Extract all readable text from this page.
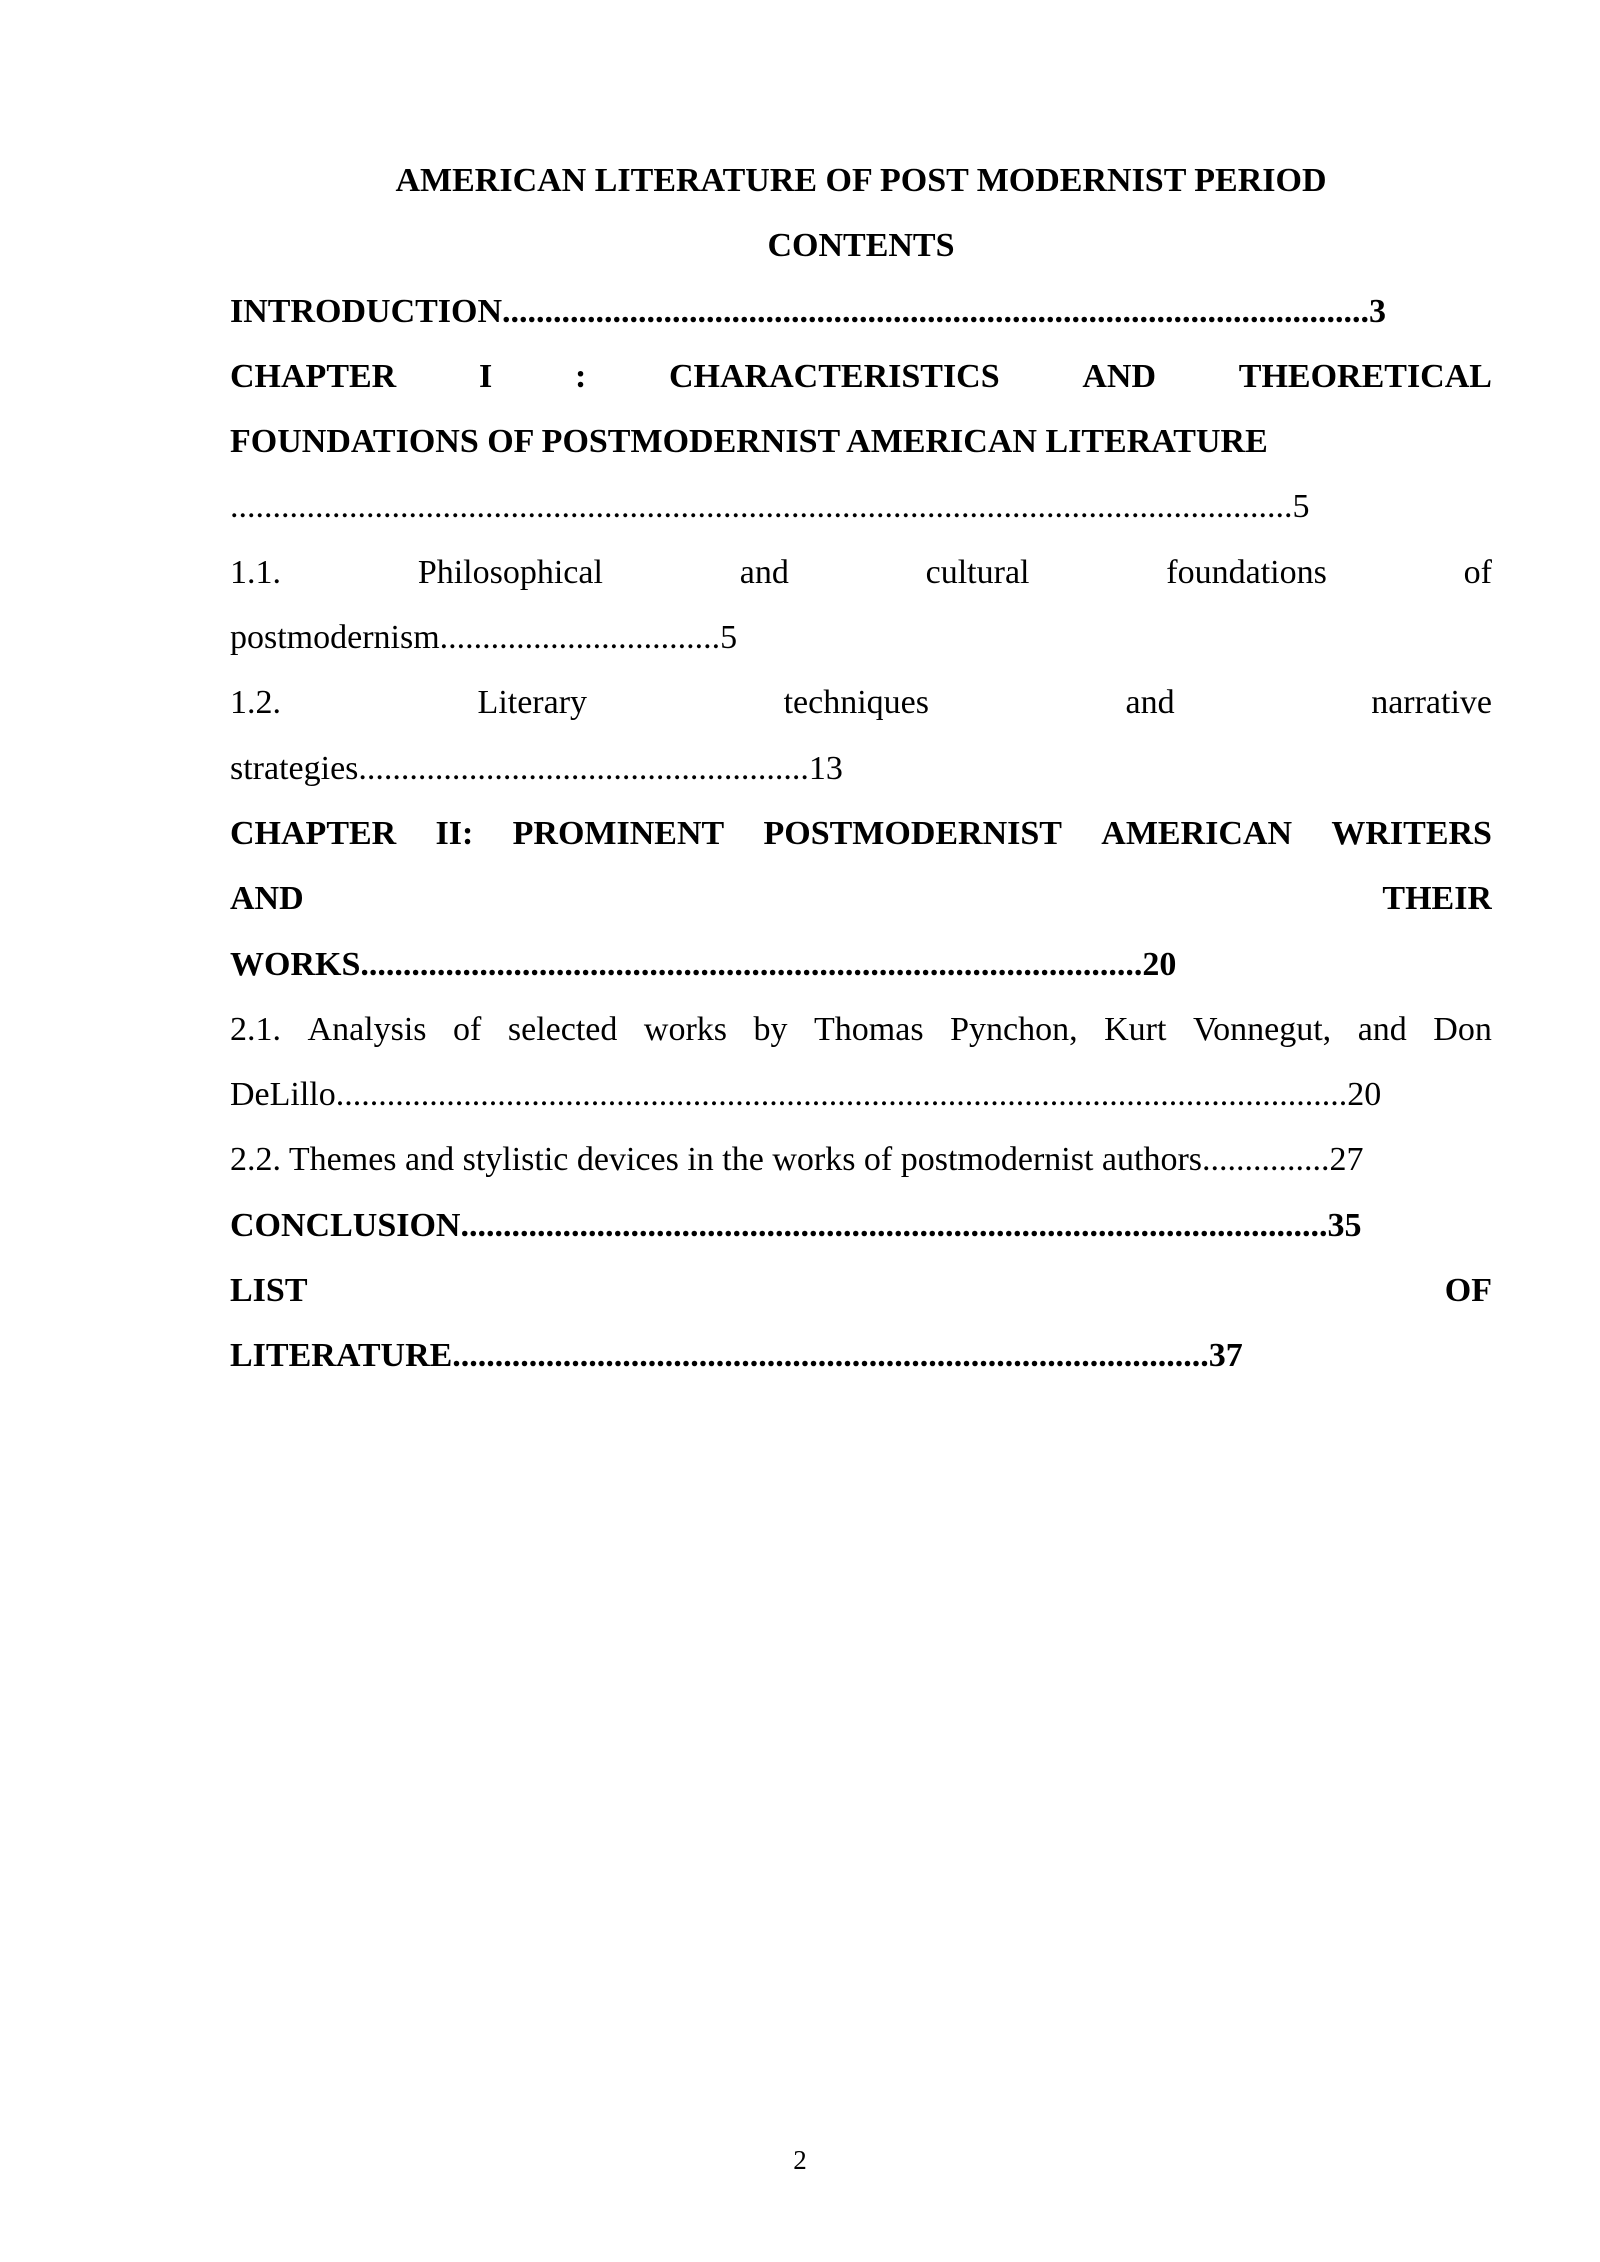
AMERICAN LITERATURE OF POST MODERNIST PERIOD
CONTENTS
INTRODUCTION......................................................................................................3
CHAPTER I : CHARACTERISTICS AND THEORETICAL
FOUNDATIONS OF POSTMODERNIST AMERICAN LITERATURE
.............................................................................................................................5
1.1.	Philosophical	and	cultural	foundations	of
postmodernism.................................5
1.2.	Literary	techniques	and	narrative
strategies.....................................................13
CHAPTER II: PROMINENT POSTMODERNIST AMERICAN WRITERS
AND	THEIR
WORKS............................................................................................20
2.1. Analysis of selected works by Thomas Pynchon, Kurt Vonnegut, and Don
DeLillo.......................................................................................................................20
2.2. Themes and stylistic devices in the works of postmodernist authors...............27
CONCLUSION......................................................................................................35
LIST	OF
LITERATURE.........................................................................................37
2
